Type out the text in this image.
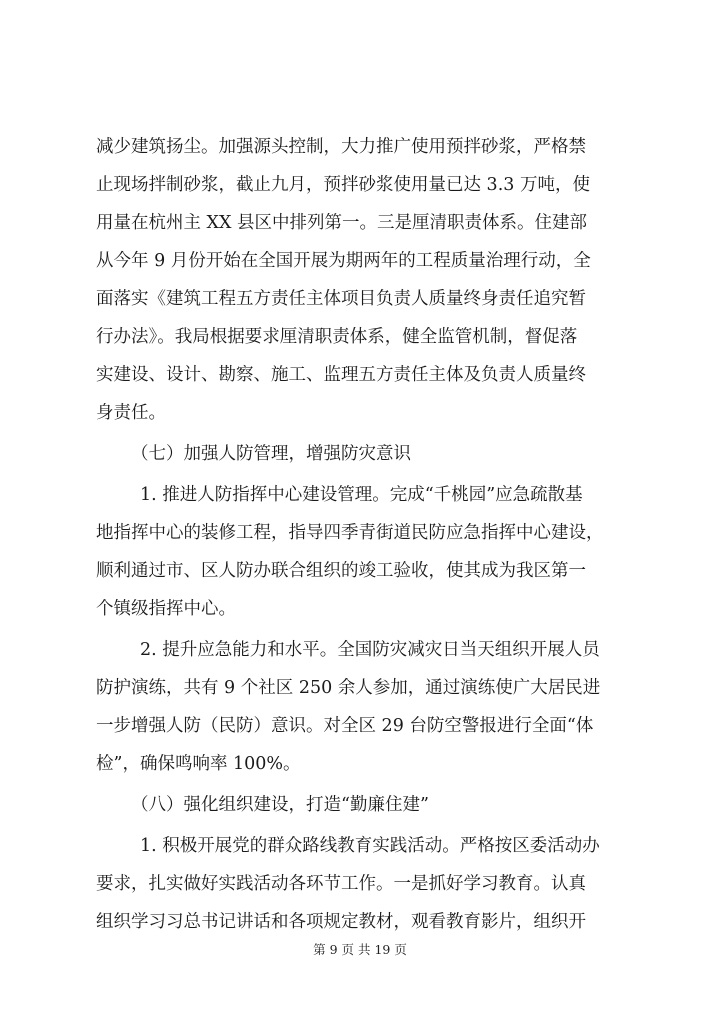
减少建筑扬尘。加强源头控制，大力推广使用预拌砂浆，严格禁
止现场拌制砂浆，截止九月，预拌砂浆使用量已达 3.3 万吨，使
用量在杭州主 XX 县区中排列第一。三是厘清职责体系。住建部
从今年 9 月份开始在全国开展为期两年的工程质量治理行动，全
面落实《建筑工程五方责任主体项目负责人质量终身责任追究暂
行办法》。我局根据要求厘清职责体系，健全监管机制，督促落
实建设、设计、勘察、施工、监理五方责任主体及负责人质量终
身责任。
（七）加强人防管理，增强防灾意识
1. 推进人防指挥中心建设管理。完成“千桃园”应急疏散基
地指挥中心的装修工程，指导四季青街道民防应急指挥中心建设，
顺利通过市、区人防办联合组织的竣工验收，使其成为我区第一
个镇级指挥中心。
2. 提升应急能力和水平。全国防灾减灾日当天组织开展人员
防护演练，共有 9 个社区 250 余人参加，通过演练使广大居民进
一步增强人防（民防）意识。对全区 29 台防空警报进行全面“体
检”，确保鸣响率 100%。
（八）强化组织建设，打造“勤廉住建”
1. 积极开展党的群众路线教育实践活动。严格按区委活动办
要求，扎实做好实践活动各环节工作。一是抓好学习教育。认真
组织学习习总书记讲话和各项规定教材，观看教育影片，组织开
第 9 页 共 19 页
